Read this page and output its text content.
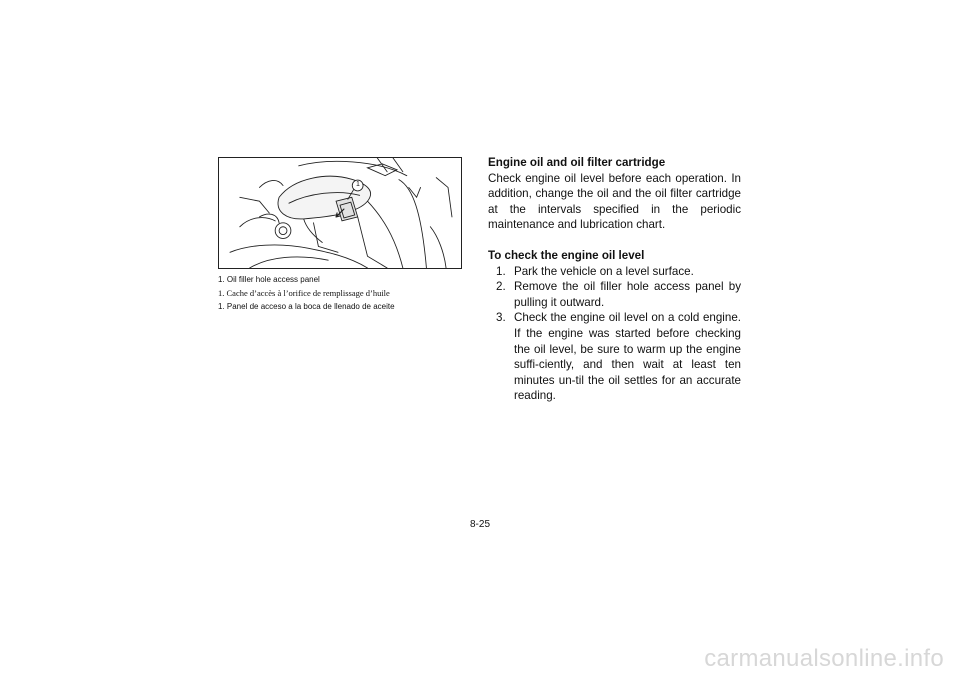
1
1. Oil filler hole access panel
1. Cache d’accès à l’orifice de remplissage d’huile
1. Panel de acceso a la boca de llenado de aceite

Engine oil and oil filter cartridge

Check engine oil level before each operation. In addition, change the oil and the oil filter cartridge at the intervals specified in the periodic maintenance and lubrication chart.

To check the engine oil level

1. Park the vehicle on a level surface.
2. Remove the oil filler hole access panel by pulling it outward.
3. Check the engine oil level on a cold engine. If the engine was started before checking the oil level, be sure to warm up the engine suffi-ciently, and then wait at least ten minutes un-til the oil settles for an accurate reading.
8-25
carmanualsonline.info
